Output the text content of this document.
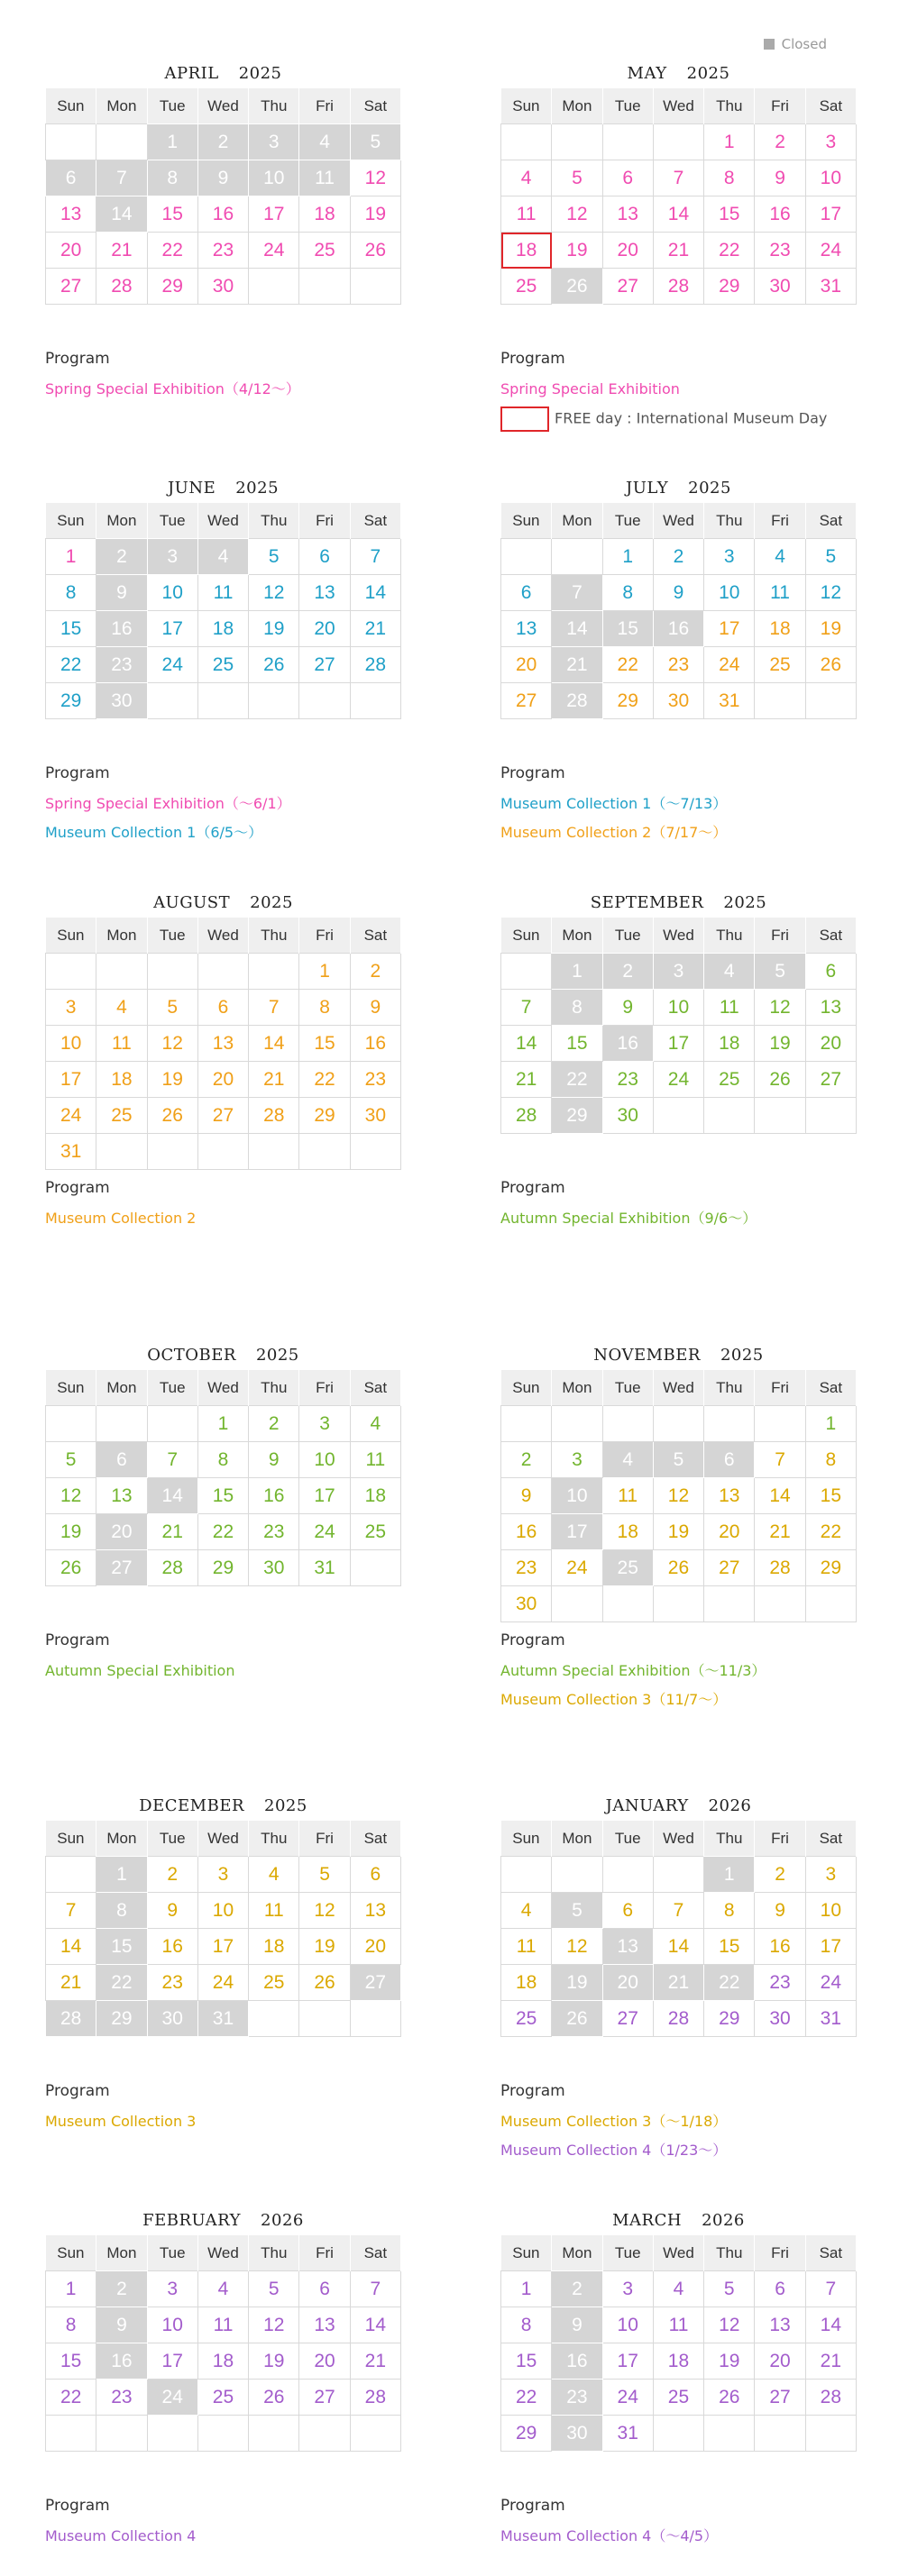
Closed
APRIL 2025
Sun	Mon	Tue	Wed	Thu	Fri	Sat
		1	2	3	4	5
6	7	8	9	10	11	12
13	14	15	16	17	18	19
20	21	22	23	24	25	26
27	28	29	30			
Program
Spring Special Exhibition（4/12～）
MAY 2025
Sun	Mon	Tue	Wed	Thu	Fri	Sat
				1	2	3
4	5	6	7	8	9	10
11	12	13	14	15	16	17
18	19	20	21	22	23	24
25	26	27	28	29	30	31
Program
Spring Special Exhibition
FREE day : International Museum Day
JUNE 2025
Sun	Mon	Tue	Wed	Thu	Fri	Sat
1	2	3	4	5	6	7
8	9	10	11	12	13	14
15	16	17	18	19	20	21
22	23	24	25	26	27	28
29	30					
Program
Spring Special Exhibition（～6/1）
Museum Collection 1（6/5～）
JULY 2025
Sun	Mon	Tue	Wed	Thu	Fri	Sat
		1	2	3	4	5
6	7	8	9	10	11	12
13	14	15	16	17	18	19
20	21	22	23	24	25	26
27	28	29	30	31		
Program
Museum Collection 1（～7/13）
Museum Collection 2（7/17～）
AUGUST 2025
Sun	Mon	Tue	Wed	Thu	Fri	Sat
					1	2
3	4	5	6	7	8	9
10	11	12	13	14	15	16
17	18	19	20	21	22	23
24	25	26	27	28	29	30
31						
Program
Museum Collection 2
SEPTEMBER 2025
Sun	Mon	Tue	Wed	Thu	Fri	Sat
	1	2	3	4	5	6
7	8	9	10	11	12	13
14	15	16	17	18	19	20
21	22	23	24	25	26	27
28	29	30				
Program
Autumn Special Exhibition（9/6～）
OCTOBER 2025
Sun	Mon	Tue	Wed	Thu	Fri	Sat
			1	2	3	4
5	6	7	8	9	10	11
12	13	14	15	16	17	18
19	20	21	22	23	24	25
26	27	28	29	30	31	
Program
Autumn Special Exhibition
NOVEMBER 2025
Sun	Mon	Tue	Wed	Thu	Fri	Sat
						1
2	3	4	5	6	7	8
9	10	11	12	13	14	15
16	17	18	19	20	21	22
23	24	25	26	27	28	29
30						
Program
Autumn Special Exhibition（～11/3）
Museum Collection 3（11/7～）
DECEMBER 2025
Sun	Mon	Tue	Wed	Thu	Fri	Sat
	1	2	3	4	5	6
7	8	9	10	11	12	13
14	15	16	17	18	19	20
21	22	23	24	25	26	27
28	29	30	31			
Program
Museum Collection 3
JANUARY 2026
Sun	Mon	Tue	Wed	Thu	Fri	Sat
				1	2	3
4	5	6	7	8	9	10
11	12	13	14	15	16	17
18	19	20	21	22	23	24
25	26	27	28	29	30	31
Program
Museum Collection 3（～1/18）
Museum Collection 4（1/23～）
FEBRUARY 2026
Sun	Mon	Tue	Wed	Thu	Fri	Sat
1	2	3	4	5	6	7
8	9	10	11	12	13	14
15	16	17	18	19	20	21
22	23	24	25	26	27	28

Program
Museum Collection 4
MARCH 2026
Sun	Mon	Tue	Wed	Thu	Fri	Sat
1	2	3	4	5	6	7
8	9	10	11	12	13	14
15	16	17	18	19	20	21
22	23	24	25	26	27	28
29	30	31				
Program
Museum Collection 4（～4/5）
